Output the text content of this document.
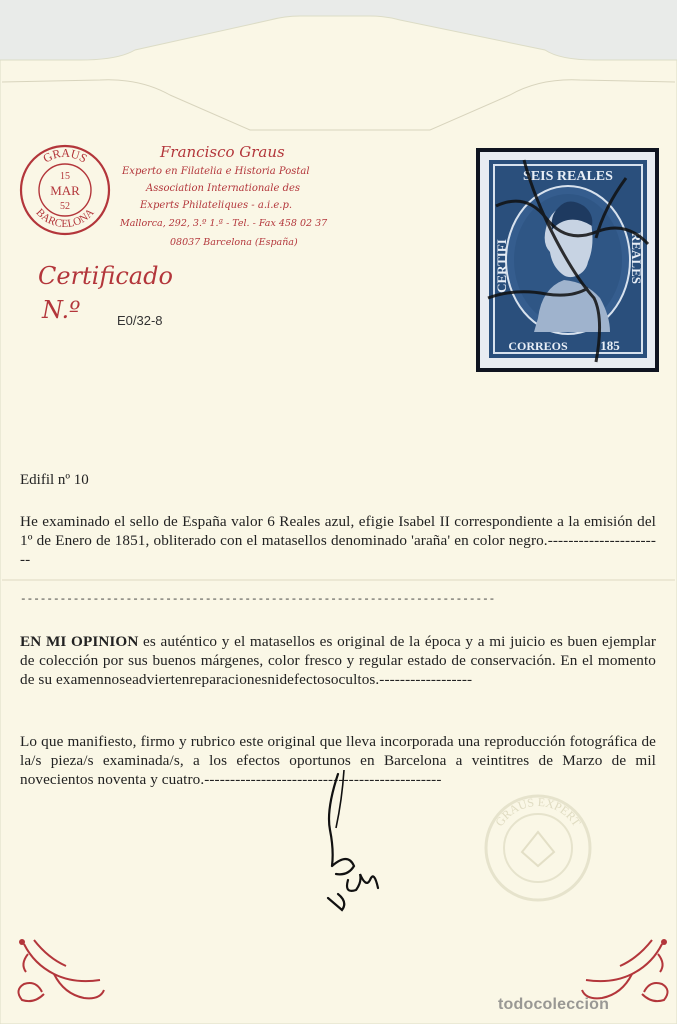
GRAUS
BARCELONA
15
MAR
52
Francisco Graus
Experto en Filatelia e Historia Postal
Association Internationale des
Experts Philateliques - a.i.e.p.
Mallorca, 292, 3.º 1.ª - Tel. - Fax 458 02 37
08037 Barcelona (España)
Certificado
N.º	E0/32-8
SEIS REALES
CERTIFI	REALES
CORREOS	185
Edifil nº 10
He examinado el sello de España valor 6 Reales azul, efigie Isabel II correspondiente a la emisión del 1º de Enero de 1851, obliterado con el matasellos denominado 'araña' en color negro.-----------------------
------------------------------------------------------------------------
EN MI OPINION es auténtico y el matasellos es original de la época y a mi juicio es buen ejemplar de colección por sus buenos márgenes, color fresco y regular estado de conservación. En el momento de su examennoseadviertenreparacionesnidefectosocultos.------------------
Lo que manifiesto, firmo y rubrico este original que lleva incorporada una reproducción fotográfica de la/s pieza/s examinada/s, a los efectos oportunos en Barcelona a veintitres de Marzo de mil novecientos noventa y cuatro.----------------------------------------------
GRAUS EXPERT
todocoleccion
